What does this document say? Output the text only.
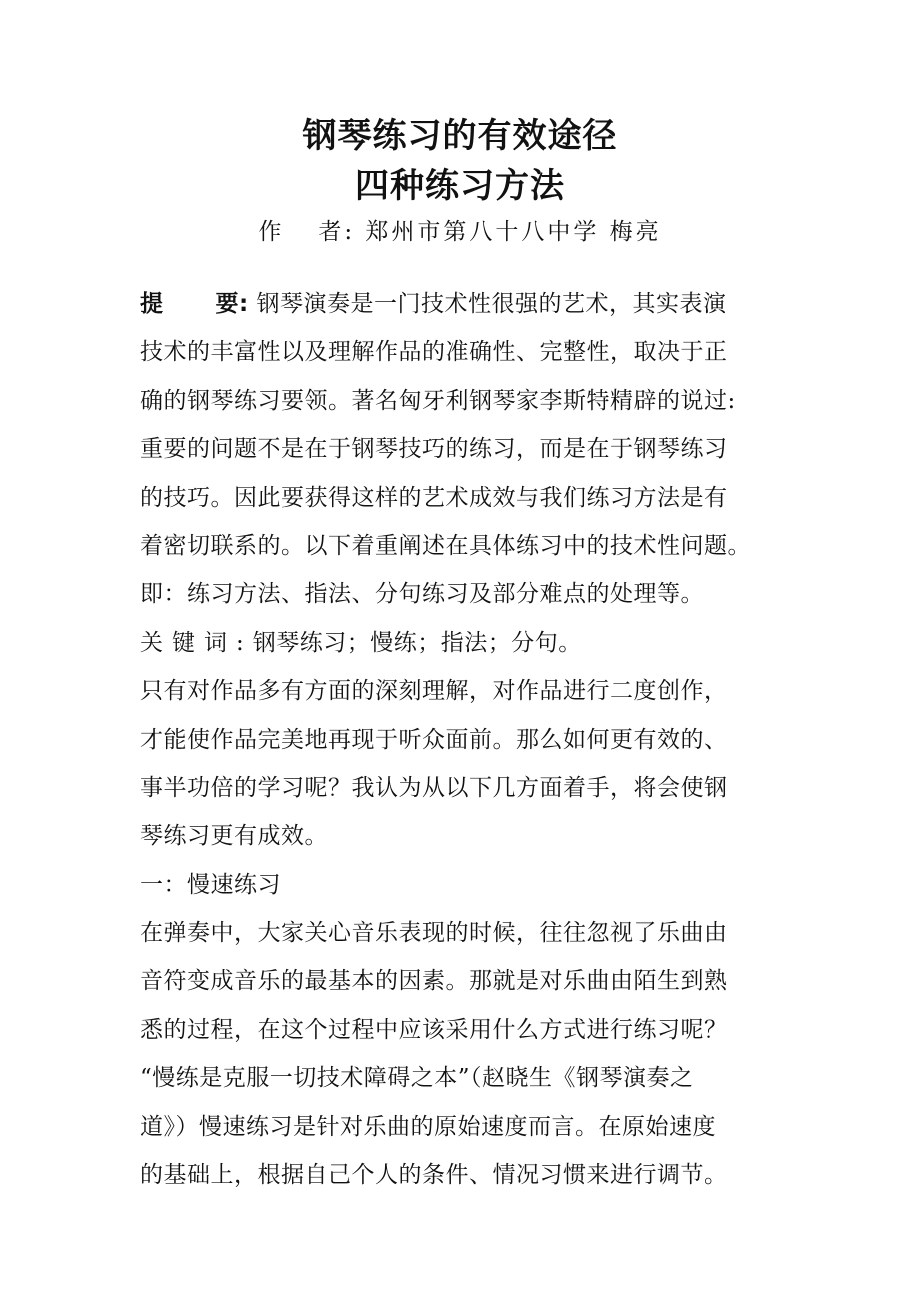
钢琴练习的有效途径
四种练习方法
作 者: 郑州市第八十八中学 梅亮
提 要: 钢琴演奏是一门技术性很强的艺术，其实表演
技术的丰富性以及理解作品的准确性、完整性，取决于正
确的钢琴练习要领。著名匈牙利钢琴家李斯特精辟的说过:
重要的问题不是在于钢琴技巧的练习，而是在于钢琴练习
的技巧。因此要获得这样的艺术成效与我们练习方法是有
着密切联系的。以下着重阐述在具体练习中的技术性问题。
即：练习方法、指法、分句练习及部分难点的处理等。
关键词:钢琴练习；慢练；指法；分句。
只有对作品多有方面的深刻理解，对作品进行二度创作，
才能使作品完美地再现于听众面前。那么如何更有效的、
事半功倍的学习呢？我认为从以下几方面着手，将会使钢
琴练习更有成效。
一：慢速练习
在弹奏中，大家关心音乐表现的时候，往往忽视了乐曲由
音符变成音乐的最基本的因素。那就是对乐曲由陌生到熟
悉的过程，在这个过程中应该采用什么方式进行练习呢？
“慢练是克服一切技术障碍之本”（赵晓生《钢琴演奏之
道》）慢速练习是针对乐曲的原始速度而言。在原始速度
的基础上，根据自己个人的条件、情况习惯来进行调节。
